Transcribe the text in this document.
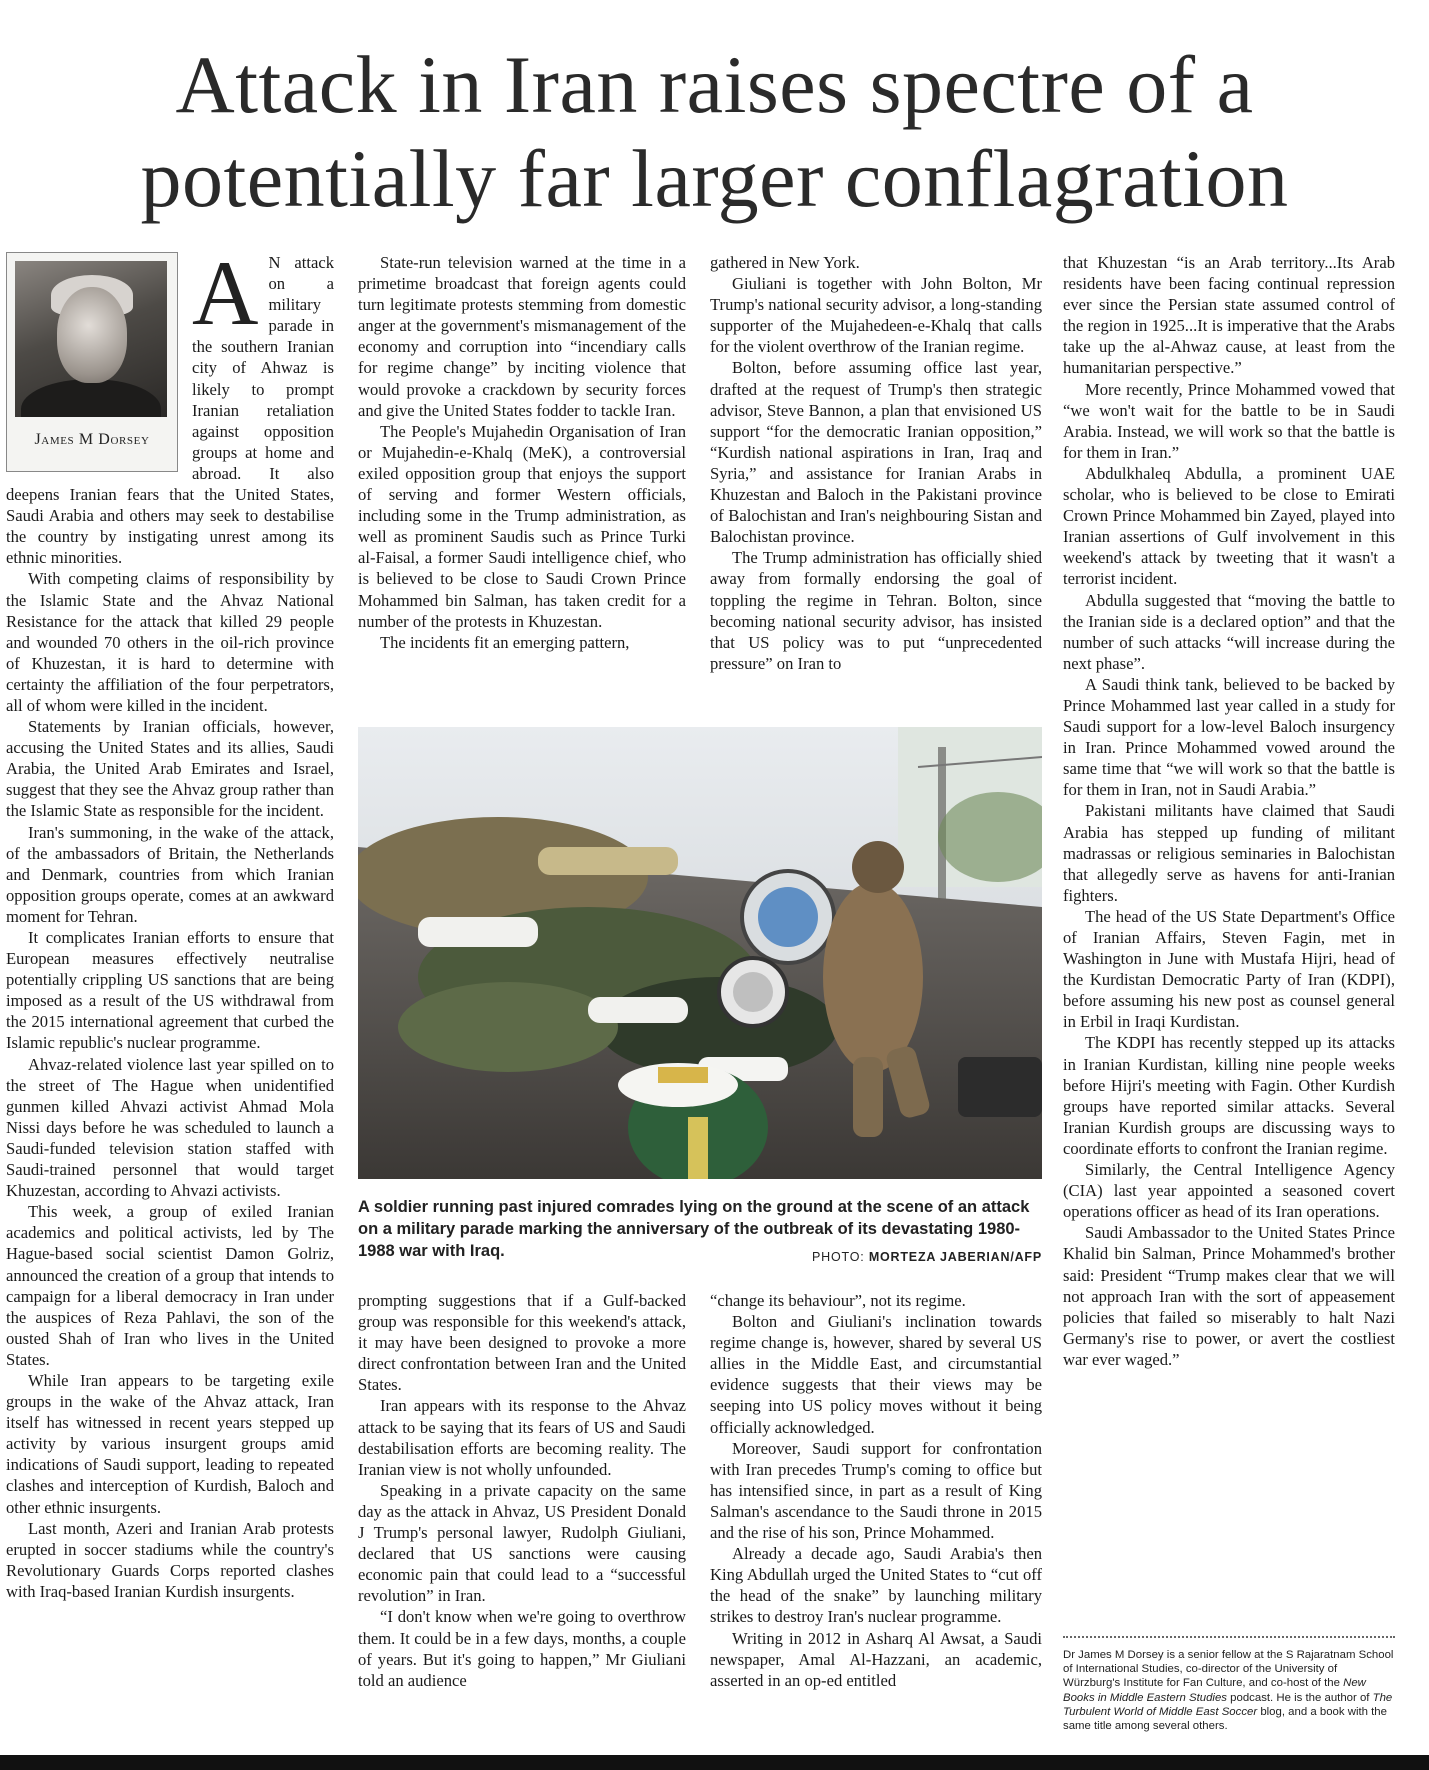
Attack in Iran raises spectre of a
potentially far larger conflagration
James M Dorsey

A N attack on a military parade in the southern Iranian city of Ahwaz is likely to prompt Iranian retaliation against opposition groups at home and abroad. It also deepens Iranian fears that the United States, Saudi Arabia and others may seek to destabilise the country by instigating unrest among its ethnic minorities.

With competing claims of responsibility by the Islamic State and the Ahvaz National Resistance for the attack that killed 29 people and wounded 70 others in the oil-rich province of Khuzestan, it is hard to determine with certainty the affiliation of the four perpetrators, all of whom were killed in the incident.

Statements by Iranian officials, however, accusing the United States and its allies, Saudi Arabia, the United Arab Emirates and Israel, suggest that they see the Ahvaz group rather than the Islamic State as responsible for the incident.

Iran's summoning, in the wake of the attack, of the ambassadors of Britain, the Netherlands and Denmark, countries from which Iranian opposition groups operate, comes at an awkward moment for Tehran.

It complicates Iranian efforts to ensure that European measures effectively neutralise potentially crippling US sanctions that are being imposed as a result of the US withdrawal from the 2015 international agreement that curbed the Islamic republic's nuclear programme.

Ahvaz-related violence last year spilled on to the street of The Hague when unidentified gunmen killed Ahvazi activist Ahmad Mola Nissi days before he was scheduled to launch a Saudi-funded television station staffed with Saudi-trained personnel that would target Khuzestan, according to Ahvazi activists.

This week, a group of exiled Iranian academics and political activists, led by The Hague-based social scientist Damon Golriz, announced the creation of a group that intends to campaign for a liberal democracy in Iran under the auspices of Reza Pahlavi, the son of the ousted Shah of Iran who lives in the United States.

While Iran appears to be targeting exile groups in the wake of the Ahvaz attack, Iran itself has witnessed in recent years stepped up activity by various insurgent groups amid indications of Saudi support, leading to repeated clashes and interception of Kurdish, Baloch and other ethnic insurgents.

Last month, Azeri and Iranian Arab protests erupted in soccer stadiums while the country's Revolutionary Guards Corps reported clashes with Iraq-based Iranian Kurdish insurgents.

State-run television warned at the time in a primetime broadcast that foreign agents could turn legitimate protests stemming from domestic anger at the government's mismanagement of the economy and corruption into “incendiary calls for regime change” by inciting violence that would provoke a crackdown by security forces and give the United States fodder to tackle Iran.

The People's Mujahedin Organisation of Iran or Mujahedin-e-Khalq (MeK), a controversial exiled opposition group that enjoys the support of serving and former Western officials, including some in the Trump administration, as well as prominent Saudis such as Prince Turki al-Faisal, a former Saudi intelligence chief, who is believed to be close to Saudi Crown Prince Mohammed bin Salman, has taken credit for a number of the protests in Khuzestan.

The incidents fit an emerging pattern,

gathered in New York.

Giuliani is together with John Bolton, Mr Trump's national security advisor, a long-standing supporter of the Mujahedeen-e-Khalq that calls for the violent overthrow of the Iranian regime.

Bolton, before assuming office last year, drafted at the request of Trump's then strategic advisor, Steve Bannon, a plan that envisioned US support “for the democratic Iranian opposition,” “Kurdish national aspirations in Iran, Iraq and Syria,” and assistance for Iranian Arabs in Khuzestan and Baloch in the Pakistani province of Balochistan and Iran's neighbouring Sistan and Balochistan province.

The Trump administration has officially shied away from formally endorsing the goal of toppling the regime in Tehran. Bolton, since becoming national security advisor, has insisted that US policy was to put “unprecedented pressure” on Iran to

A soldier running past injured comrades lying on the ground at the scene of an attack on a military parade marking the anniversary of the outbreak of its devastating 1980-1988 war with Iraq.	PHOTO: MORTEZA JABERIAN/AFP

prompting suggestions that if a Gulf-backed group was responsible for this weekend's attack, it may have been designed to provoke a more direct confrontation between Iran and the United States.

Iran appears with its response to the Ahvaz attack to be saying that its fears of US and Saudi destabilisation efforts are becoming reality. The Iranian view is not wholly unfounded.

Speaking in a private capacity on the same day as the attack in Ahvaz, US President Donald J Trump's personal lawyer, Rudolph Giuliani, declared that US sanctions were causing economic pain that could lead to a “successful revolution” in Iran.

“I don't know when we're going to overthrow them. It could be in a few days, months, a couple of years. But it's going to happen,” Mr Giuliani told an audience

“change its behaviour”, not its regime.

Bolton and Giuliani's inclination towards regime change is, however, shared by several US allies in the Middle East, and circumstantial evidence suggests that their views may be seeping into US policy moves without it being officially acknowledged.

Moreover, Saudi support for confrontation with Iran precedes Trump's coming to office but has intensified since, in part as a result of King Salman's ascendance to the Saudi throne in 2015 and the rise of his son, Prince Mohammed.

Already a decade ago, Saudi Arabia's then King Abdullah urged the United States to “cut off the head of the snake” by launching military strikes to destroy Iran's nuclear programme.

Writing in 2012 in Asharq Al Awsat, a Saudi newspaper, Amal Al-Hazzani, an academic, asserted in an op-ed entitled

that Khuzestan “is an Arab territory...Its Arab residents have been facing continual repression ever since the Persian state assumed control of the region in 1925...It is imperative that the Arabs take up the al-Ahwaz cause, at least from the humanitarian perspective.”

More recently, Prince Mohammed vowed that “we won't wait for the battle to be in Saudi Arabia. Instead, we will work so that the battle is for them in Iran.”

Abdulkhaleq Abdulla, a prominent UAE scholar, who is believed to be close to Emirati Crown Prince Mohammed bin Zayed, played into Iranian assertions of Gulf involvement in this weekend's attack by tweeting that it wasn't a terrorist incident.

Abdulla suggested that “moving the battle to the Iranian side is a declared option” and that the number of such attacks “will increase during the next phase”.

A Saudi think tank, believed to be backed by Prince Mohammed last year called in a study for Saudi support for a low-level Baloch insurgency in Iran. Prince Mohammed vowed around the same time that “we will work so that the battle is for them in Iran, not in Saudi Arabia.”

Pakistani militants have claimed that Saudi Arabia has stepped up funding of militant madrassas or religious seminaries in Balochistan that allegedly serve as havens for anti-Iranian fighters.

The head of the US State Department's Office of Iranian Affairs, Steven Fagin, met in Washington in June with Mustafa Hijri, head of the Kurdistan Democratic Party of Iran (KDPI), before assuming his new post as counsel general in Erbil in Iraqi Kurdistan.

The KDPI has recently stepped up its attacks in Iranian Kurdistan, killing nine people weeks before Hijri's meeting with Fagin. Other Kurdish groups have reported similar attacks. Several Iranian Kurdish groups are discussing ways to coordinate efforts to confront the Iranian regime.

Similarly, the Central Intelligence Agency (CIA) last year appointed a seasoned covert operations officer as head of its Iran operations.

Saudi Ambassador to the United States Prince Khalid bin Salman, Prince Mohammed's brother said: President “Trump makes clear that we will not approach Iran with the sort of appeasement policies that failed so miserably to halt Nazi Germany's rise to power, or avert the costliest war ever waged.”

Dr James M Dorsey is a senior fellow at the S Rajaratnam School of International Studies, co-director of the University of Würzburg's Institute for Fan Culture, and co-host of the New Books in Middle Eastern Studies podcast. He is the author of The Turbulent World of Middle East Soccer blog, and a book with the same title among several others.
